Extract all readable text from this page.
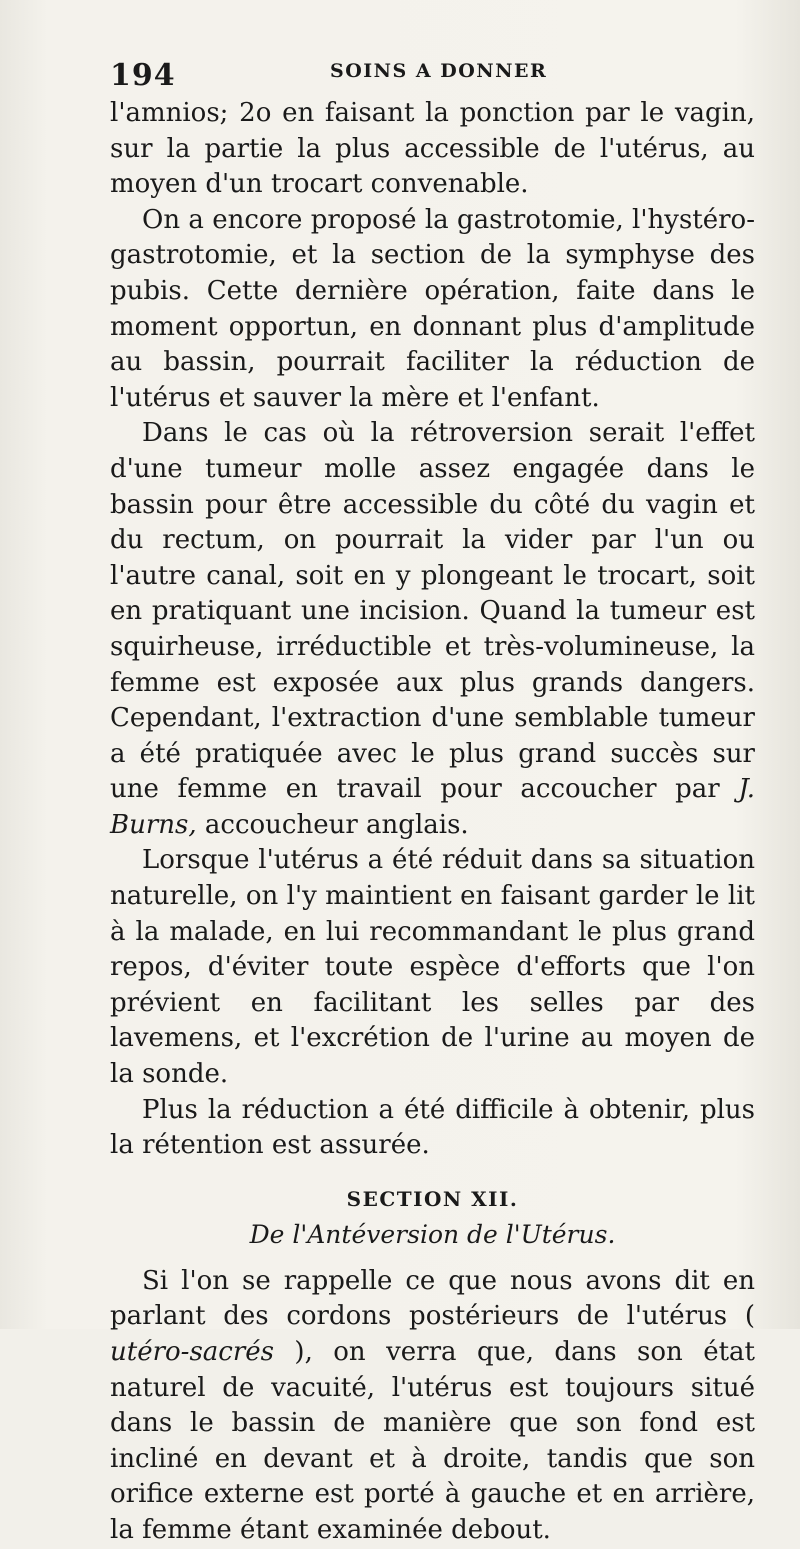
194	SOINS A DONNER

l'amnios; 2o en faisant la ponction par le vagin, sur la partie la plus accessible de l'utérus, au moyen d'un trocart convenable.

On a encore proposé la gastrotomie, l'hystéro-gastrotomie, et la section de la symphyse des pubis. Cette dernière opération, faite dans le moment opportun, en donnant plus d'amplitude au bassin, pourrait faciliter la réduction de l'utérus et sauver la mère et l'enfant.

Dans le cas où la rétroversion serait l'effet d'une tumeur molle assez engagée dans le bassin pour être accessible du côté du vagin et du rectum, on pourrait la vider par l'un ou l'autre canal, soit en y plongeant le trocart, soit en pratiquant une incision. Quand la tumeur est squirheuse, irréductible et très-volumineuse, la femme est exposée aux plus grands dangers. Cependant, l'extraction d'une semblable tumeur a été pratiquée avec le plus grand succès sur une femme en travail pour accoucher par J. Burns, accoucheur anglais.

Lorsque l'utérus a été réduit dans sa situation naturelle, on l'y maintient en faisant garder le lit à la malade, en lui recommandant le plus grand repos, d'éviter toute espèce d'efforts que l'on prévient en facilitant les selles par des lavemens, et l'excrétion de l'urine au moyen de la sonde.

Plus la réduction a été difficile à obtenir, plus la rétention est assurée.

SECTION XII.
De l'Antéversion de l'Utérus.

Si l'on se rappelle ce que nous avons dit en parlant des cordons postérieurs de l'utérus ( utéro-sacrés ), on verra que, dans son état naturel de vacuité, l'utérus est toujours situé dans le bassin de manière que son fond est incliné en devant et à droite, tandis que son orifice externe est porté à gauche et en arrière, la femme étant examinée debout.
